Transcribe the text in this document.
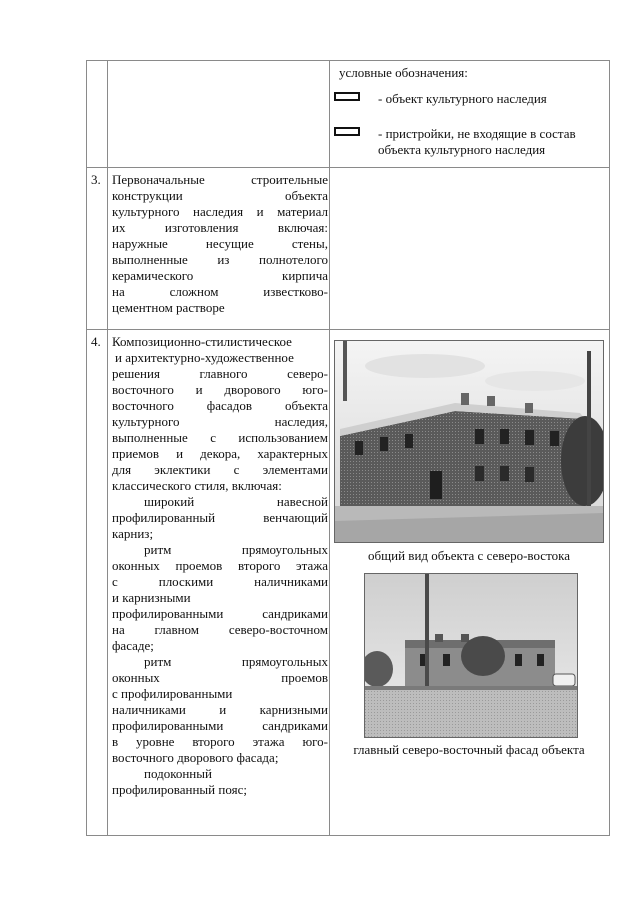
условные обозначения:
- объект культурного наследия
- пристройки, не входящие в состав
объекта культурного наследия
3. Первоначальные строительные
конструкции объекта
культурного наследия и материал
их изготовления включая:
наружные несущие стены,
выполненные из полнотелого
керамического кирпича
на сложном известково-
цементном растворе
4. Композиционно-стилистическое
и архитектурно-художественное
решения главного северо-
восточного и дворового юго-
восточного фасадов объекта
культурного наследия,
выполненные с использованием
приемов и декора, характерных
для эклектики с элементами
классического стиля, включая:
широкий навесной
профилированный венчающий
карниз;
ритм прямоугольных
оконных проемов второго этажа
с плоскими наличниками
и карнизными
профилированными сандриками
на главном северо-восточном
фасаде;
ритм прямоугольных
оконных проемов
с профилированными
наличниками и карнизными
профилированными сандриками
в уровне второго этажа юго-
восточного дворового фасада;
подоконный
профилированный пояс;
общий вид объекта с северо-востока
главный северо-восточный фасад объекта
